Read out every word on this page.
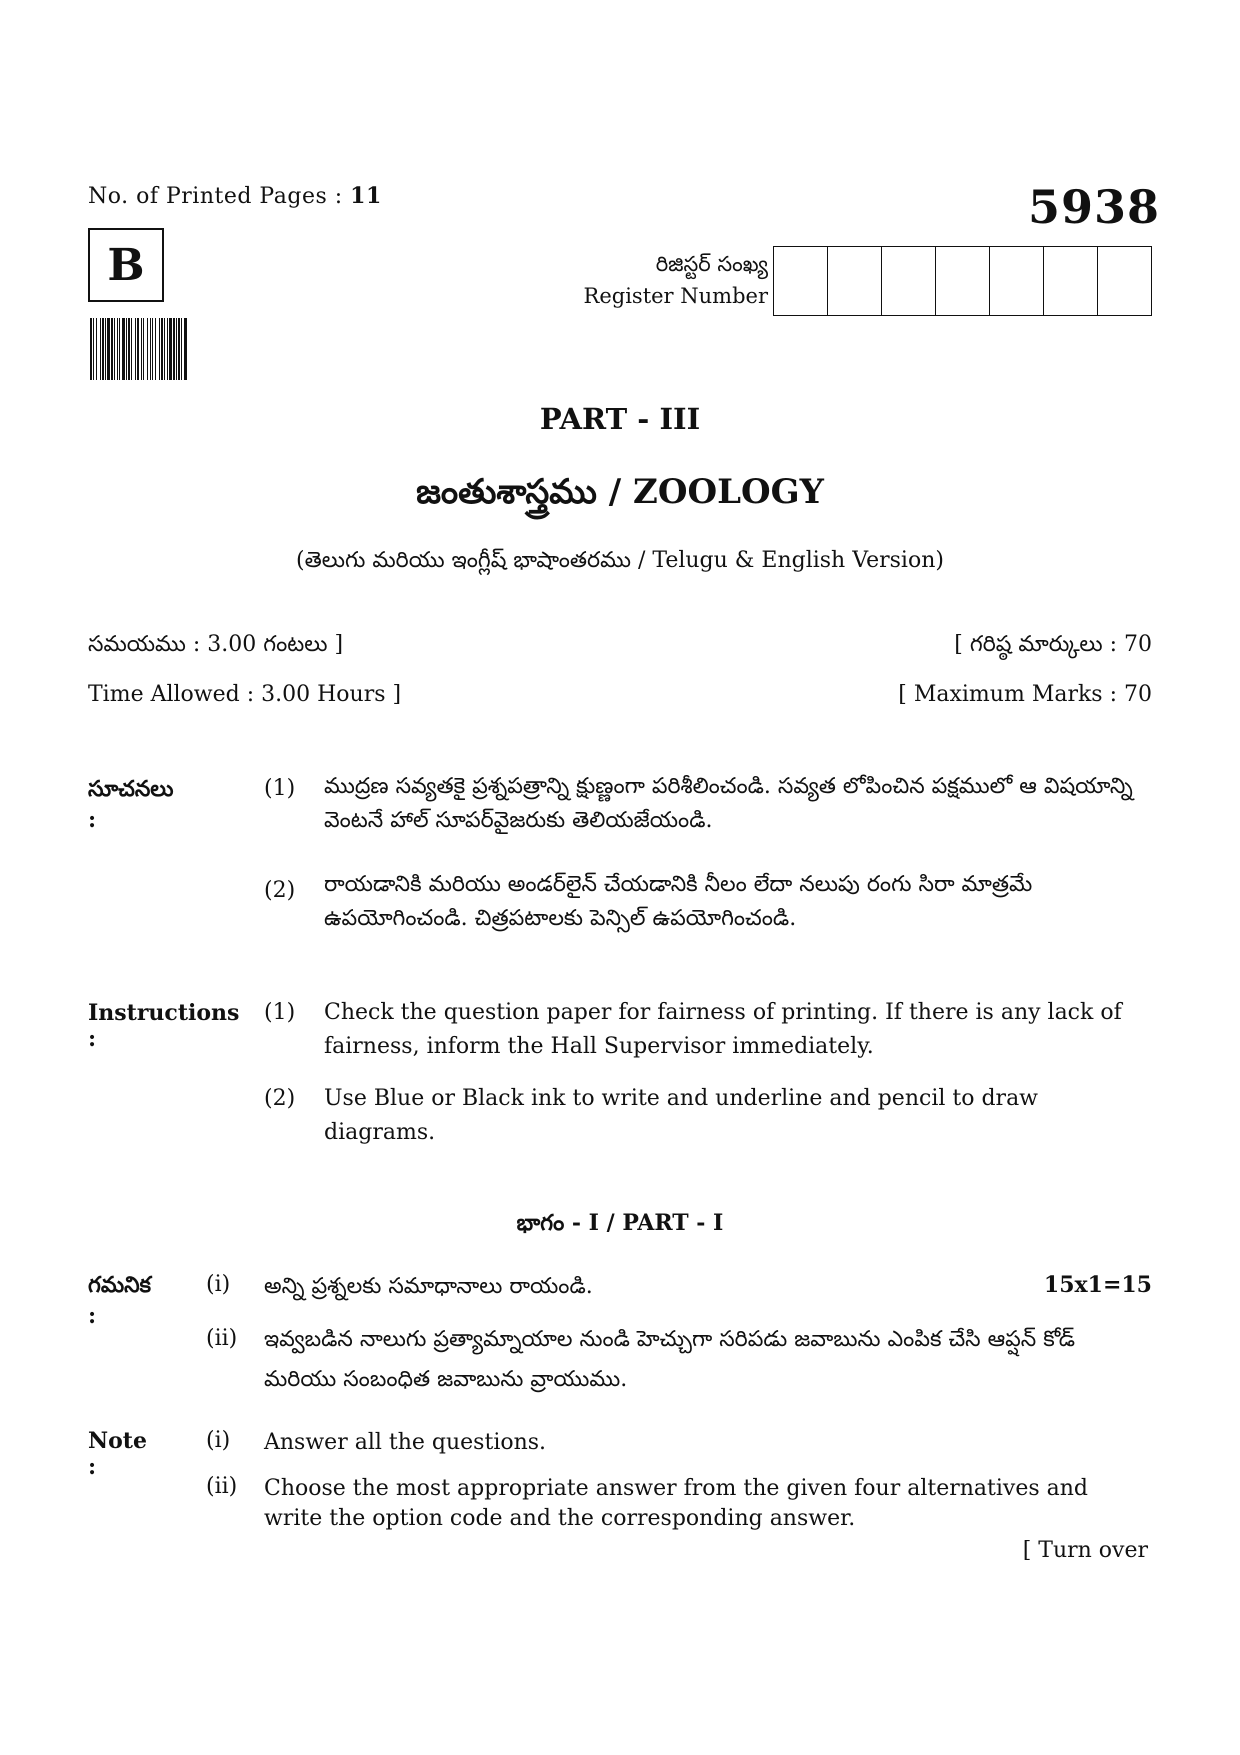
No. of Printed Pages : 11	5938
B	రిజిస్టర్ సంఖ్య
Register Number
PART - III
జంతుశాస్త్రము / ZOOLOGY
(తెలుగు మరియు ఇంగ్లీష్ భాషాంతరము / Telugu & English Version)
సమయము : 3.00 గంటలు ]	[ గరిష్ఠ మార్కులు : 70
Time Allowed : 3.00 Hours ]	[ Maximum Marks : 70
సూచనలు :
(1) ముద్రణ సవ్యతకై ప్రశ్నపత్రాన్ని క్షుణ్ణంగా పరిశీలించండి. సవ్యత లోపించిన పక్షములో ఆ విషయాన్ని వెంటనే హాల్ సూపర్‌వైజరుకు తెలియజేయండి.
(2) రాయడానికి మరియు అండర్‌లైన్ చేయడానికి నీలం లేదా నలుపు రంగు సిరా మాత్రమే ఉపయోగించండి. చిత్రపటాలకు పెన్సిల్ ఉపయోగించండి.
Instructions :
(1) Check the question paper for fairness of printing. If there is any lack of fairness, inform the Hall Supervisor immediately.
(2) Use Blue or Black ink to write and underline and pencil to draw diagrams.
భాగం - I / PART - I
గమనిక :
(i) అన్ని ప్రశ్నలకు సమాధానాలు రాయండి.	15x1=15
(ii) ఇవ్వబడిన నాలుగు ప్రత్యామ్నాయాల నుండి హెచ్చుగా సరిపడు జవాబును ఎంపిక చేసి ఆప్షన్ కోడ్ మరియు సంబంధిత జవాబును వ్రాయుము.
Note :
(i) Answer all the questions.
(ii) Choose the most appropriate answer from the given four alternatives and write the option code and the corresponding answer.
[ Turn over
